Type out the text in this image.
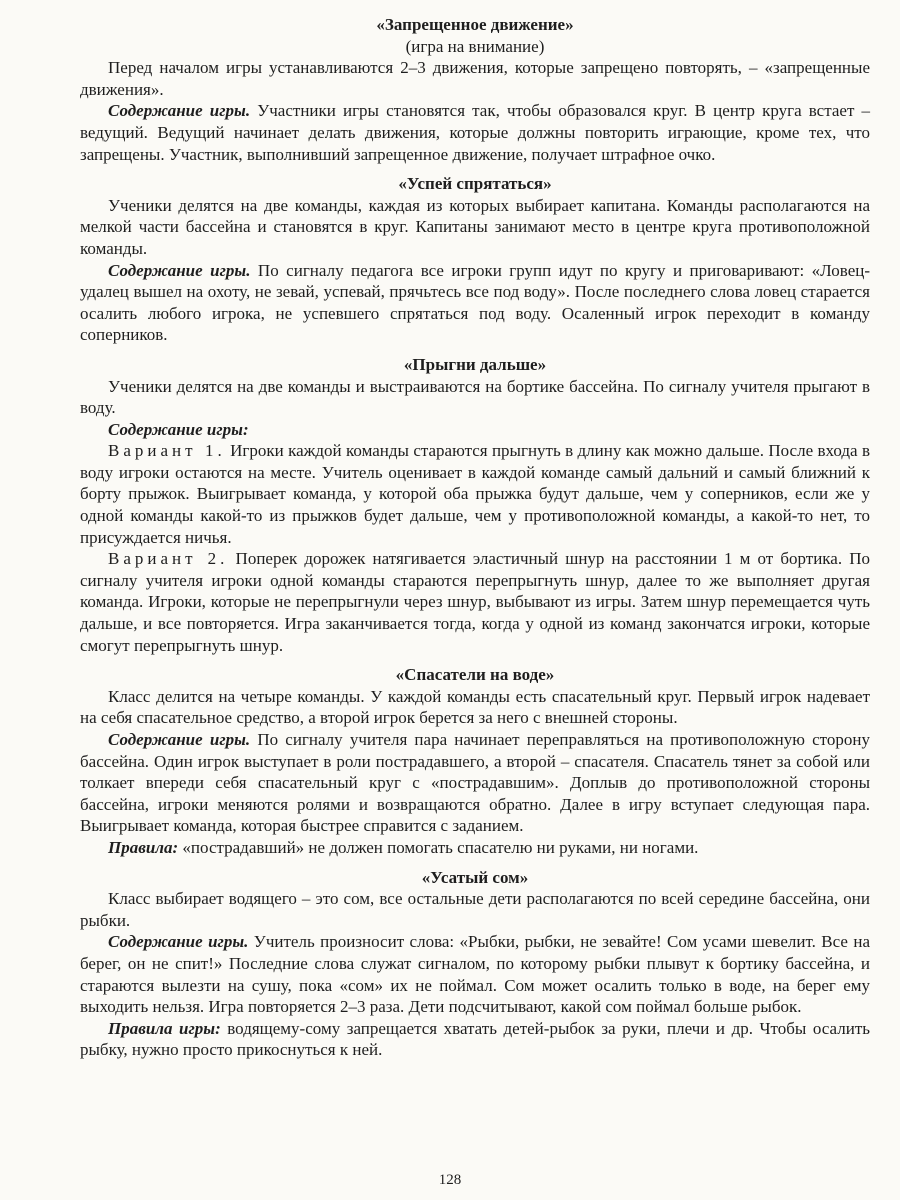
«Запрещенное движение»
(игра на внимание)

Перед началом игры устанавливаются 2–3 движения, которые запрещено повторять, – «запрещенные движения».

Содержание игры. Участники игры становятся так, чтобы образовался круг. В центр круга встает – ведущий. Ведущий начинает делать движения, которые должны повторить играющие, кроме тех, что запрещены. Участник, выполнивший запрещенное движение, получает штрафное очко.

«Успей спрятаться»

Ученики делятся на две команды, каждая из которых выбирает капитана. Команды располагаются на мелкой части бассейна и становятся в круг. Капитаны занимают место в центре круга противоположной команды.

Содержание игры. По сигналу педагога все игроки групп идут по кругу и приговаривают: «Ловец-удалец вышел на охоту, не зевай, успевай, прячьтесь все под воду». После последнего слова ловец старается осалить любого игрока, не успевшего спрятаться под воду. Осаленный игрок переходит в команду соперников.

«Прыгни дальше»

Ученики делятся на две команды и выстраиваются на бортике бассейна. По сигналу учителя прыгают в воду.

Содержание игры:

Вариант 1. Игроки каждой команды стараются прыгнуть в длину как можно дальше. После входа в воду игроки остаются на месте. Учитель оценивает в каждой команде самый дальний и самый ближний к борту прыжок. Выигрывает команда, у которой оба прыжка будут дальше, чем у соперников, если же у одной команды какой-то из прыжков будет дальше, чем у противоположной команды, а какой-то нет, то присуждается ничья.

Вариант 2. Поперек дорожек натягивается эластичный шнур на расстоянии 1 м от бортика. По сигналу учителя игроки одной команды стараются перепрыгнуть шнур, далее то же выполняет другая команда. Игроки, которые не перепрыгнули через шнур, выбывают из игры. Затем шнур перемещается чуть дальше, и все повторяется. Игра заканчивается тогда, когда у одной из команд закончатся игроки, которые смогут перепрыгнуть шнур.

«Спасатели на воде»

Класс делится на четыре команды. У каждой команды есть спасательный круг. Первый игрок надевает на себя спасательное средство, а второй игрок берется за него с внешней стороны.

Содержание игры. По сигналу учителя пара начинает переправляться на противоположную сторону бассейна. Один игрок выступает в роли пострадавшего, а второй – спасателя. Спасатель тянет за собой или толкает впереди себя спасательный круг с «пострадавшим». Доплыв до противоположной стороны бассейна, игроки меняются ролями и возвращаются обратно. Далее в игру вступает следующая пара. Выигрывает команда, которая быстрее справится с заданием.

Правила: «пострадавший» не должен помогать спасателю ни руками, ни ногами.

«Усатый сом»

Класс выбирает водящего – это сом, все остальные дети располагаются по всей середине бассейна, они рыбки.

Содержание игры. Учитель произносит слова: «Рыбки, рыбки, не зевайте! Сом усами шевелит. Все на берег, он не спит!» Последние слова служат сигналом, по которому рыбки плывут к бортику бассейна, и стараются вылезти на сушу, пока «сом» их не поймал. Сом может осалить только в воде, на берег ему выходить нельзя. Игра повторяется 2–3 раза. Дети подсчитывают, какой сом поймал больше рыбок.

Правила игры: водящему-сому запрещается хватать детей-рыбок за руки, плечи и др. Чтобы осалить рыбку, нужно просто прикоснуться к ней.

128
